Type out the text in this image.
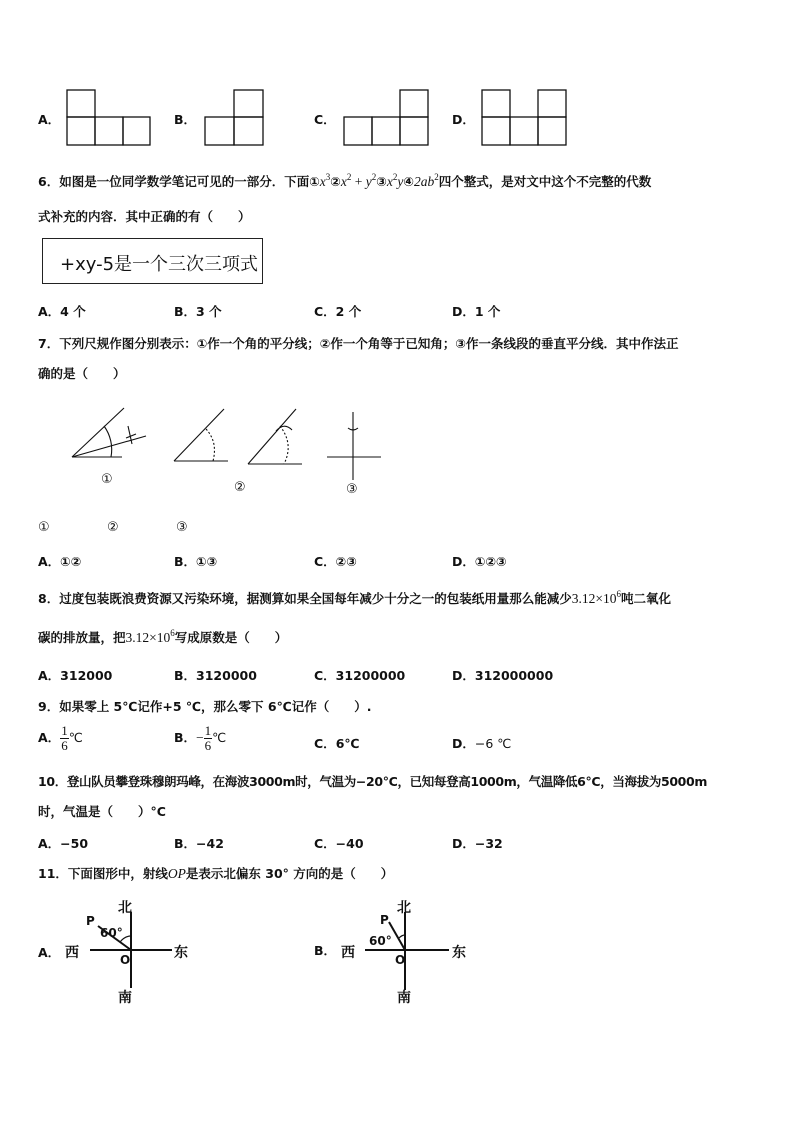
A．	B．	C．	D．
6．如图是一位同学数学笔记可见的一部分．下面$①x^3②x^2$ + $y^2③x^2y④2ab^2$四个整式，是对文中这个不完整的代数
式补充的内容．其中正确的有（　　）
+xy-5是一个三次三项式
A．4 个	B．3 个	C．2 个	D．1 个
7．下列尺规作图分别表示：①作一个角的平分线；②作一个角等于已知角；③作一条线段的垂直平分线．其中作法正
确的是（　　）
①
②	③
①	②	③
A．①②	B．①③	C．②③	D．①②③
8．过度包装既浪费资源又污染环境，据测算如果全国每年减少十分之一的包装纸用量那么能减少$3.12\times 10^6$吨二氧化
碳的排放量，把$3.12\times 10^6$写成原数是（　　）
A．312000	B．3120000	C．31200000	D．312000000
9．如果零上 5℃记作+5 ℃，那么零下 6℃记作（　　）.
A． $\frac{1}{6}$ ℃	B．− $\frac{1}{6}$ ℃	C．6℃	D．−6 ℃
10．登山队员攀登珠穆朗玛峰，在海波3000m时，气温为−20°C，已知每登高1000m，气温降低6°C，当海拔为5000m
时，气温是（　　）°C
A．−50	B．−42	C．−40	D．−32
11．下面图形中，射线OP是表示北偏东 30° 方向的是（　　）
A．
北
西	东
南
O
P
60°
B．
北
西	东
南
O
P
60°
